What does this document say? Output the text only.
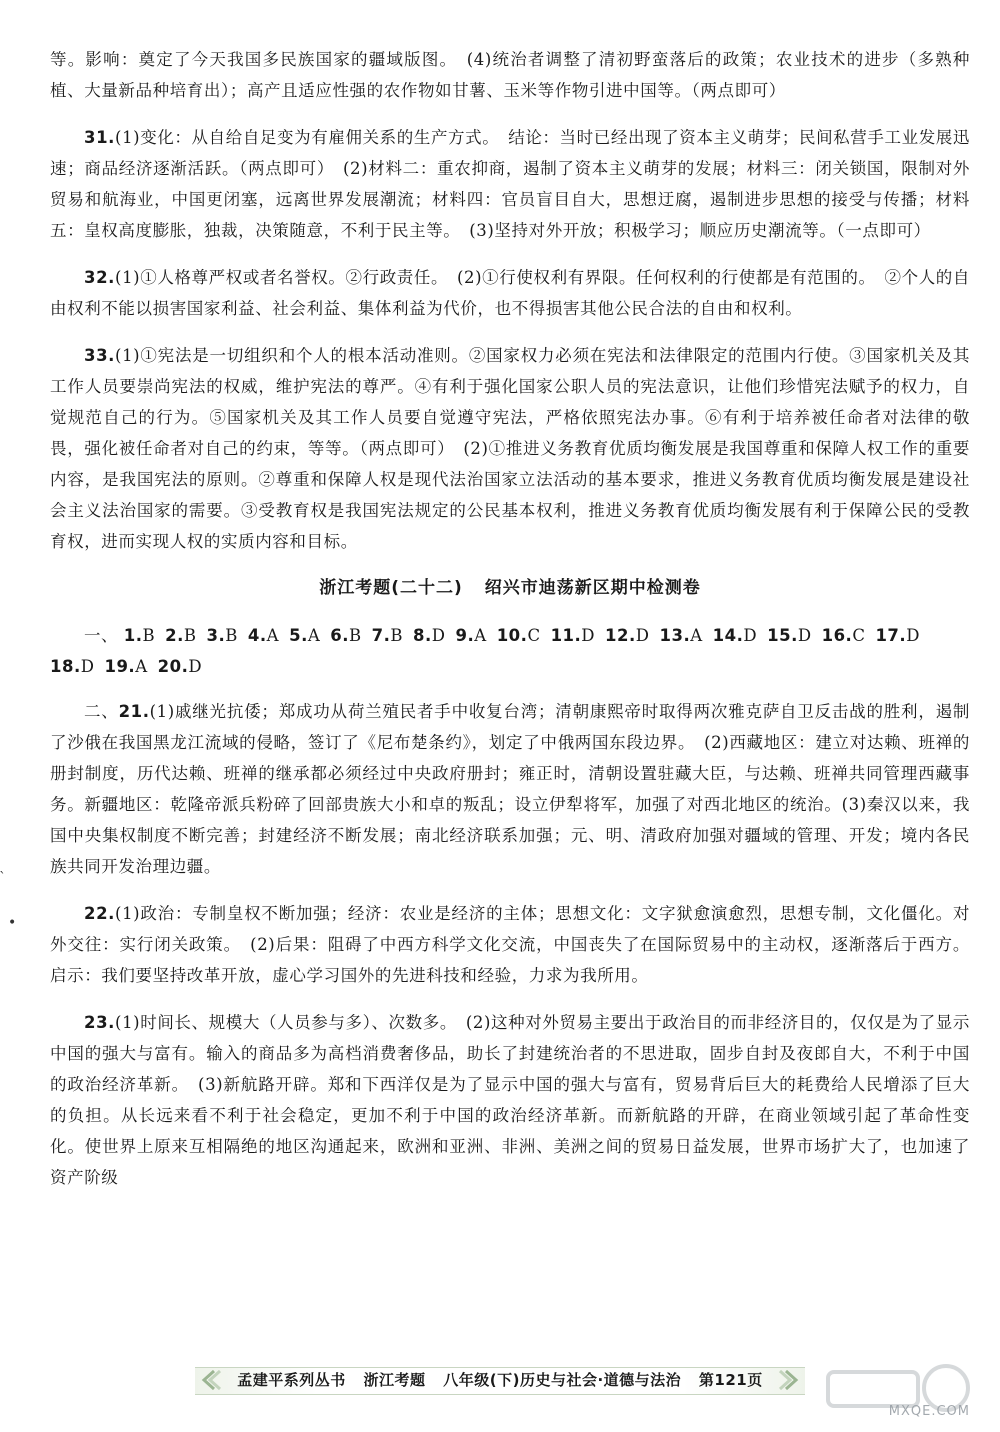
等。影响：奠定了今天我国多民族国家的疆域版图。　(4)统治者调整了清初野蛮落后的政策；农业技术的进步（多熟种植、大量新品种培育出）；高产且适应性强的农作物如甘薯、玉米等作物引进中国等。（两点即可）

31.(1)变化：从自给自足变为有雇佣关系的生产方式。　结论：当时已经出现了资本主义萌芽；民间私营手工业发展迅速；商品经济逐渐活跃。（两点即可）　(2)材料二：重农抑商，遏制了资本主义萌芽的发展；材料三：闭关锁国，限制对外贸易和航海业，中国更闭塞，远离世界发展潮流；材料四：官员盲目自大，思想迂腐，遏制进步思想的接受与传播；材料五：皇权高度膨胀，独裁，决策随意，不利于民主等。　(3)坚持对外开放；积极学习；顺应历史潮流等。（一点即可）

32.(1)①人格尊严权或者名誉权。②行政责任。　(2)①行使权利有界限。任何权利的行使都是有范围的。　②个人的自由权利不能以损害国家利益、社会利益、集体利益为代价，也不得损害其他公民合法的自由和权利。

33.(1)①宪法是一切组织和个人的根本活动准则。②国家权力必须在宪法和法律限定的范围内行使。③国家机关及其工作人员要崇尚宪法的权威，维护宪法的尊严。④有利于强化国家公职人员的宪法意识，让他们珍惜宪法赋予的权力，自觉规范自己的行为。⑤国家机关及其工作人员要自觉遵守宪法，严格依照宪法办事。⑥有利于培养被任命者对法律的敬畏，强化被任命者对自己的约束，等等。（两点即可）　(2)①推进义务教育优质均衡发展是我国尊重和保障人权工作的重要内容，是我国宪法的原则。②尊重和保障人权是现代法治国家立法活动的基本要求，推进义务教育优质均衡发展是建设社会主义法治国家的需要。③受教育权是我国宪法规定的公民基本权利，推进义务教育优质均衡发展有利于保障公民的受教育权，进而实现人权的实质内容和目标。

浙江考题(二十二) 绍兴市迪荡新区期中检测卷
一、 1.B 2.B 3.B 4.A 5.A 6.B 7.B 8.D 9.A 10.C 11.D 12.D 13.A 14.D 15.D 16.C 17.D
18.D 19.A 20.D

二、21.(1)戚继光抗倭；郑成功从荷兰殖民者手中收复台湾；清朝康熙帝时取得两次雅克萨自卫反击战的胜利，遏制了沙俄在我国黑龙江流域的侵略，签订了《尼布楚条约》，划定了中俄两国东段边界。　(2)西藏地区：建立对达赖、班禅的册封制度，历代达赖、班禅的继承都必须经过中央政府册封；雍正时，清朝设置驻藏大臣，与达赖、班禅共同管理西藏事务。新疆地区：乾隆帝派兵粉碎了回部贵族大小和卓的叛乱；设立伊犁将军，加强了对西北地区的统治。(3)秦汉以来，我国中央集权制度不断完善；封建经济不断发展；南北经济联系加强；元、明、清政府加强对疆域的管理、开发；境内各民族共同开发治理边疆。

22.(1)政治：专制皇权不断加强；经济：农业是经济的主体；思想文化：文字狱愈演愈烈，思想专制，文化僵化。对外交往：实行闭关政策。　(2)后果：阻碍了中西方科学文化交流，中国丧失了在国际贸易中的主动权，逐渐落后于西方。启示：我们要坚持改革开放，虚心学习国外的先进科技和经验，力求为我所用。

23.(1)时间长、规模大（人员参与多）、次数多。　(2)这种对外贸易主要出于政治目的而非经济目的，仅仅是为了显示中国的强大与富有。输入的商品多为高档消费奢侈品，助长了封建统治者的不思进取，固步自封及夜郎自大，不利于中国的政治经济革新。　(3)新航路开辟。郑和下西洋仅是为了显示中国的强大与富有，贸易背后巨大的耗费给人民增添了巨大的负担。从长远来看不利于社会稳定，更加不利于中国的政治经济革新。而新航路的开辟，在商业领域引起了革命性变化。使世界上原来互相隔绝的地区沟通起来，欧洲和亚洲、非洲、美洲之间的贸易日益发展，世界市场扩大了，也加速了资产阶级

•
孟建平系列丛书 浙江考题 八年级(下)历史与社会·道德与法治 第121页
MXQE.COM
